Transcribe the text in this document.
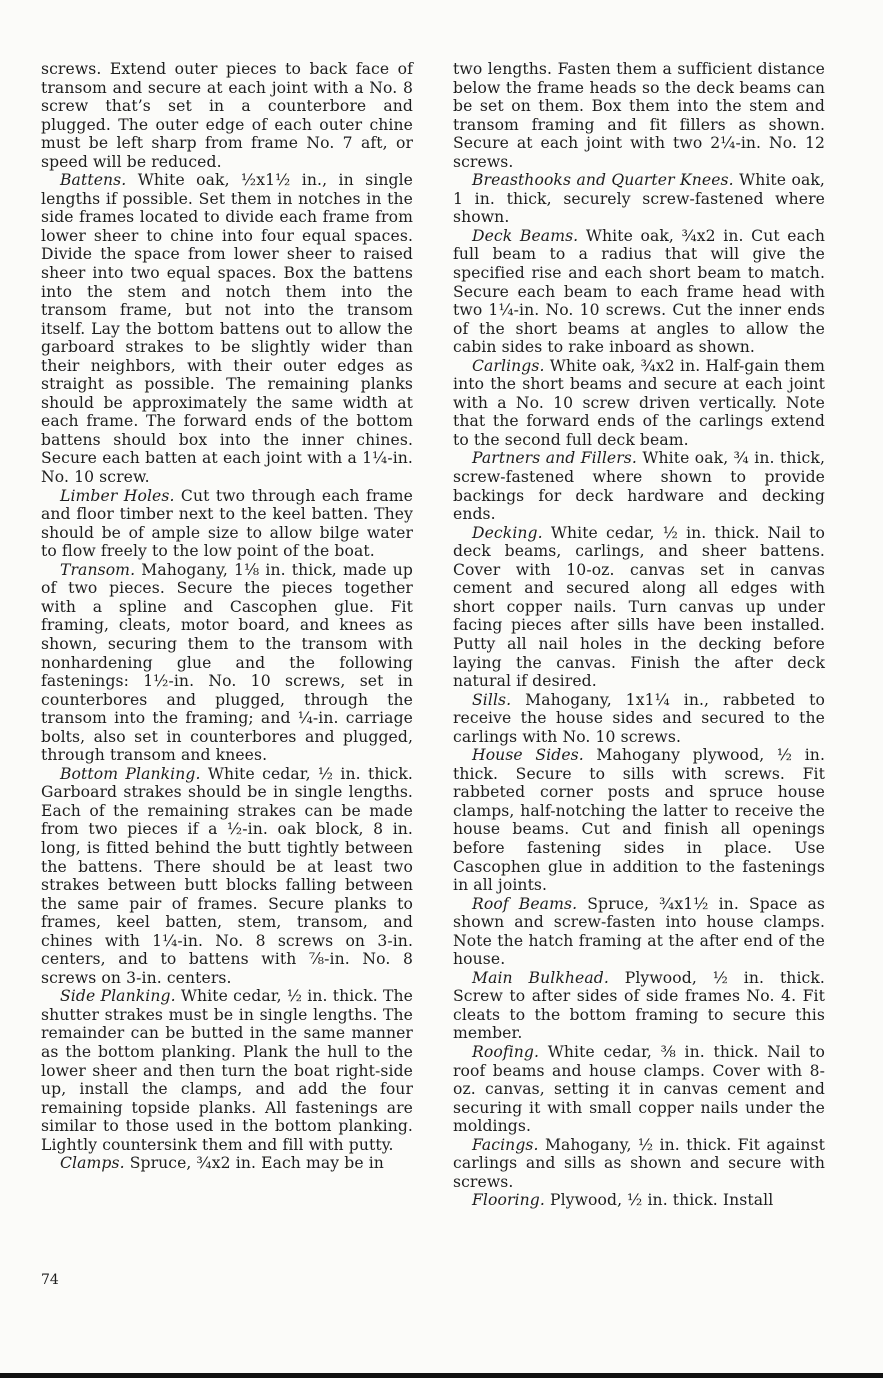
screws. Extend outer pieces to back face of transom and secure at each joint with a No. 8 screw that’s set in a counterbore and plugged. The outer edge of each outer chine must be left sharp from frame No. 7 aft, or speed will be reduced.

Battens. White oak, ½x1½ in., in single lengths if possible. Set them in notches in the side frames located to divide each frame from lower sheer to chine into four equal spaces. Divide the space from lower sheer to raised sheer into two equal spaces. Box the battens into the stem and notch them into the transom frame, but not into the transom itself. Lay the bottom battens out to allow the garboard strakes to be slightly wider than their neighbors, with their outer edges as straight as possible. The remaining planks should be approximately the same width at each frame. The forward ends of the bottom battens should box into the inner chines. Secure each batten at each joint with a 1¼-in. No. 10 screw.

Limber Holes. Cut two through each frame and floor timber next to the keel batten. They should be of ample size to allow bilge water to flow freely to the low point of the boat.

Transom. Mahogany, 1⅛ in. thick, made up of two pieces. Secure the pieces together with a spline and Cascophen glue. Fit framing, cleats, motor board, and knees as shown, securing them to the transom with nonhardening glue and the following fastenings: 1½-in. No. 10 screws, set in counterbores and plugged, through the transom into the framing; and ¼-in. carriage bolts, also set in counterbores and plugged, through transom and knees.

Bottom Planking. White cedar, ½ in. thick. Garboard strakes should be in single lengths. Each of the remaining strakes can be made from two pieces if a ½-in. oak block, 8 in. long, is fitted behind the butt tightly between the battens. There should be at least two strakes between butt blocks falling between the same pair of frames. Secure planks to frames, keel batten, stem, transom, and chines with 1¼-in. No. 8 screws on 3-in. centers, and to battens with ⅞-in. No. 8 screws on 3-in. centers.

Side Planking. White cedar, ½ in. thick. The shutter strakes must be in single lengths. The remainder can be butted in the same manner as the bottom planking. Plank the hull to the lower sheer and then turn the boat right-side up, install the clamps, and add the four remaining topside planks. All fastenings are similar to those used in the bottom planking. Lightly countersink them and fill with putty.

Clamps. Spruce, ¾x2 in. Each may be in

two lengths. Fasten them a sufficient distance below the frame heads so the deck beams can be set on them. Box them into the stem and transom framing and fit fillers as shown. Secure at each joint with two 2¼-in. No. 12 screws.

Breasthooks and Quarter Knees. White oak, 1 in. thick, securely screw-fastened where shown.

Deck Beams. White oak, ¾x2 in. Cut each full beam to a radius that will give the specified rise and each short beam to match. Secure each beam to each frame head with two 1¼-in. No. 10 screws. Cut the inner ends of the short beams at angles to allow the cabin sides to rake inboard as shown.

Carlings. White oak, ¾x2 in. Half-gain them into the short beams and secure at each joint with a No. 10 screw driven vertically. Note that the forward ends of the carlings extend to the second full deck beam.

Partners and Fillers. White oak, ¾ in. thick, screw-fastened where shown to provide backings for deck hardware and decking ends.

Decking. White cedar, ½ in. thick. Nail to deck beams, carlings, and sheer battens. Cover with 10-oz. canvas set in canvas cement and secured along all edges with short copper nails. Turn canvas up under facing pieces after sills have been installed. Putty all nail holes in the decking before laying the canvas. Finish the after deck natural if desired.

Sills. Mahogany, 1x1¼ in., rabbeted to receive the house sides and secured to the carlings with No. 10 screws.

House Sides. Mahogany plywood, ½ in. thick. Secure to sills with screws. Fit rabbeted corner posts and spruce house clamps, half-notching the latter to receive the house beams. Cut and finish all openings before fastening sides in place. Use Cascophen glue in addition to the fastenings in all joints.

Roof Beams. Spruce, ¾x1½ in. Space as shown and screw-fasten into house clamps. Note the hatch framing at the after end of the house.

Main Bulkhead. Plywood, ½ in. thick. Screw to after sides of side frames No. 4. Fit cleats to the bottom framing to secure this member.

Roofing. White cedar, ⅜ in. thick. Nail to roof beams and house clamps. Cover with 8-oz. canvas, setting it in canvas cement and securing it with small copper nails under the moldings.

Facings. Mahogany, ½ in. thick. Fit against carlings and sills as shown and secure with screws.

Flooring. Plywood, ½ in. thick. Install

74
